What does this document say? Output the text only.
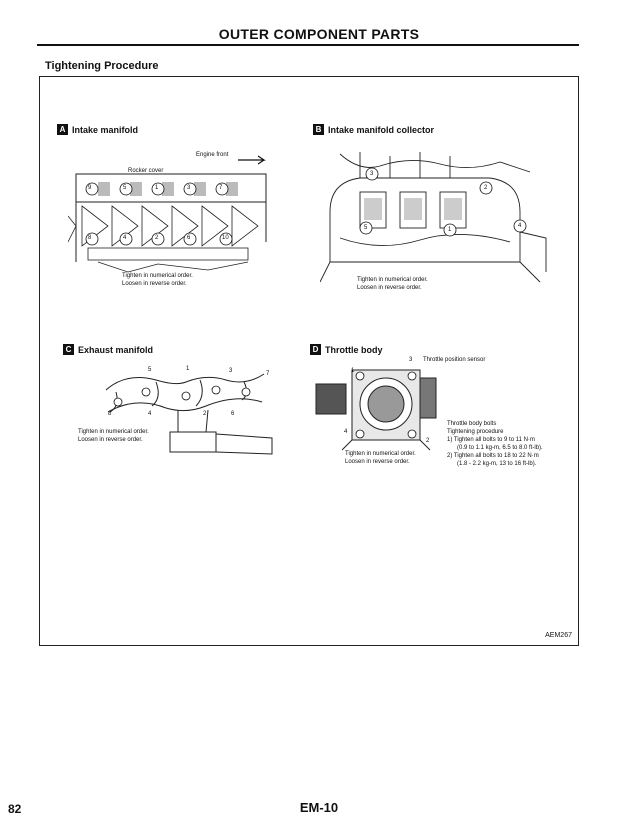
OUTER COMPONENT PARTS
Tightening Procedure
A Intake manifold
Engine front
Rocker cover
9	5	1	3	7
8	4	2	6	10
Tighten in numerical order.
Loosen in reverse order.
B Intake manifold collector
3
2
5	1
4
Tighten in numerical order.
Loosen in reverse order.
C Exhaust manifold
5	1	3	7
8	4	2	6
Tighten in numerical order.
Loosen in reverse order.
D Throttle body
3 Throttle position sensor
1
4
2
Tighten in numerical order.
Loosen in reverse order.
Throttle body bolts
Tightening procedure
1) Tighten all bolts to 9 to 11 N·m
(0.9 to 1.1 kg-m, 6.5 to 8.0 ft-lb).
2) Tighten all bolts to 18 to 22 N·m
(1.8 - 2.2 kg-m, 13 to 16 ft-lb).
AEM267
82	EM-10
